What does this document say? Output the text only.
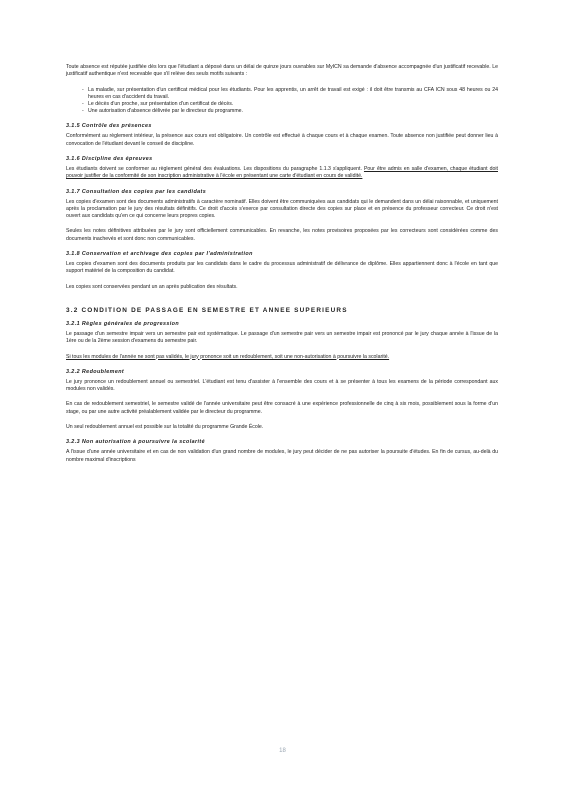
Toute absence est réputée justifiée dès lors que l'étudiant a déposé dans un délai de quinze jours ouvrables sur MyICN sa demande d'absence accompagnée d'un justificatif recevable. Le justificatif authentique n'est recevable que s'il relève des seuls motifs suivants :

- La maladie, sur présentation d'un certificat médical pour les étudiants. Pour les apprentis, un arrêt de travail est exigé : il doit être transmis au CFA ICN sous 48 heures ou 24 heures en cas d'accident du travail.
- Le décès d'un proche, sur présentation d'un certificat de décès.
- Une autorisation d'absence délivrée par le directeur du programme.
3.1.5 Contrôle des présences

Conformément au règlement intérieur, la présence aux cours est obligatoire. Un contrôle est effectué à chaque cours et à chaque examen. Toute absence non justifiée peut donner lieu à convocation de l'étudiant devant le conseil de discipline.

3.1.6 Discipline des épreuves

Les étudiants doivent se conformer au règlement général des évaluations. Les dispositions du paragraphe 1.1.3 s'appliquent. Pour être admis en salle d'examen, chaque étudiant doit pouvoir justifier de la conformité de son inscription administrative à l'école en présentant une carte d'étudiant en cours de validité.

3.1.7 Consultation des copies par les candidats

Les copies d'examen sont des documents administratifs à caractère nominatif. Elles doivent être communiquées aux candidats qui le demandent dans un délai raisonnable, et uniquement après la proclamation par le jury des résultats définitifs. Ce droit d'accès s'exerce par consultation directe des copies sur place et en présence du professeur correcteur. Ce droit n'est ouvert aux candidats qu'en ce qui concerne leurs propres copies.

Seules les notes définitives attribuées par le jury sont officiellement communicables. En revanche, les notes provisoires proposées par les correcteurs sont considérées comme des documents inachevés et sont donc non communicables.

3.1.8 Conservation et archivage des copies par l'administration

Les copies d'examen sont des documents produits par les candidats dans le cadre du processus administratif de délivrance de diplôme. Elles appartiennent donc à l'école en tant que support matériel de la composition du candidat.

Les copies sont conservées pendant un an après publication des résultats.

3.2 CONDITION DE PASSAGE EN SEMESTRE ET ANNEE SUPERIEURS
3.2.1 Règles générales de progression

Le passage d'un semestre impair vers un semestre pair est systématique. Le passage d'un semestre pair vers un semestre impair est prononcé par le jury chaque année à l'issue de la 1ère ou de la 2ème session d'examens du semestre pair.

Si tous les modules de l'année ne sont pas validés, le jury prononce soit un redoublement, soit une non-autorisation à poursuivre la scolarité.

3.2.2 Redoublement

Le jury prononce un redoublement annuel ou semestriel. L'étudiant est tenu d'assister à l'ensemble des cours et à se présenter à tous les examens de la période correspondant aux modules non validés.

En cas de redoublement semestriel, le semestre validé de l'année universitaire peut être consacré à une expérience professionnelle de cinq à six mois, possiblement sous la forme d'un stage, ou par une autre activité préalablement validée par le directeur du programme.

Un seul redoublement annuel est possible sur la totalité du programme Grande École.

3.2.3 Non autorisation à poursuivre la scolarité

A l'issue d'une année universitaire et en cas de non validation d'un grand nombre de modules, le jury peut décider de ne pas autoriser la poursuite d'études. En fin de cursus, au-delà du nombre maximal d'inscriptions

18
